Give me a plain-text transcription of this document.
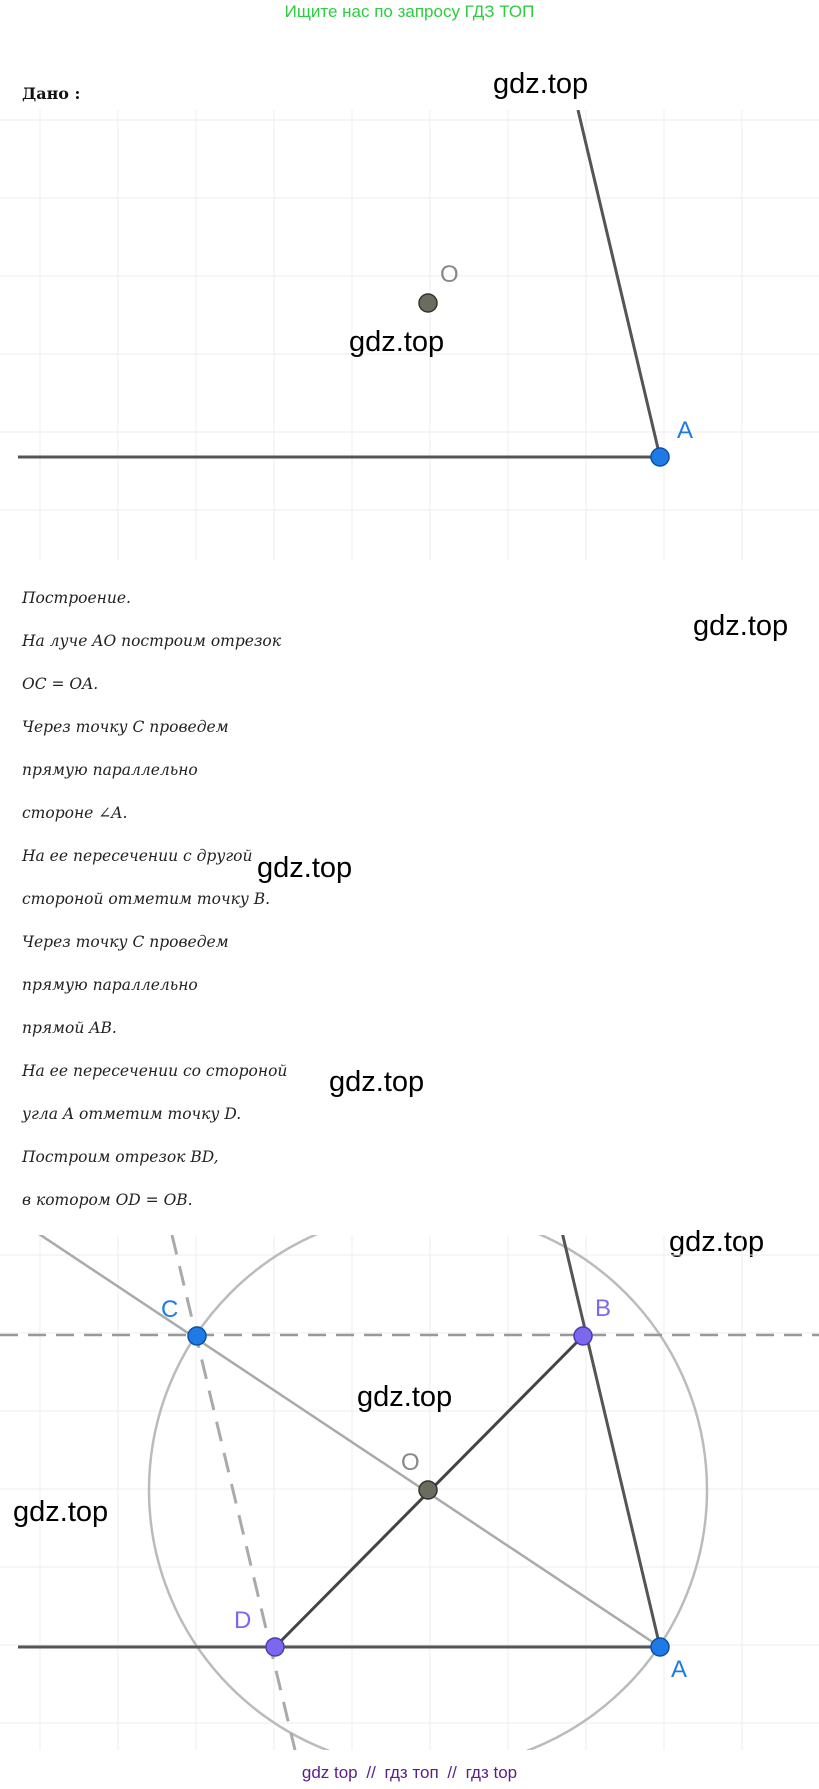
Ищите нас по запросу ГДЗ ТОП
Дано :	gdz.top
O
A
gdz.top
gdz.top
Построение.
На луче AO построим отрезок
OC = OA.
Через точку C проведем
прямую параллельно
стороне ∠A.
На ее пересечении с другой
стороной отметим точку B.
Через точку C проведем
прямую параллельно
прямой AB.
На ее пересечении со стороной
угла A отметим точку D.
Построим отрезок BD,
в котором OD = OB.
gdz.top
gdz.top
gdz.top
C	B
O
D
A
gdz.top
gdz.top
gdz top // гдз топ // гдз top
